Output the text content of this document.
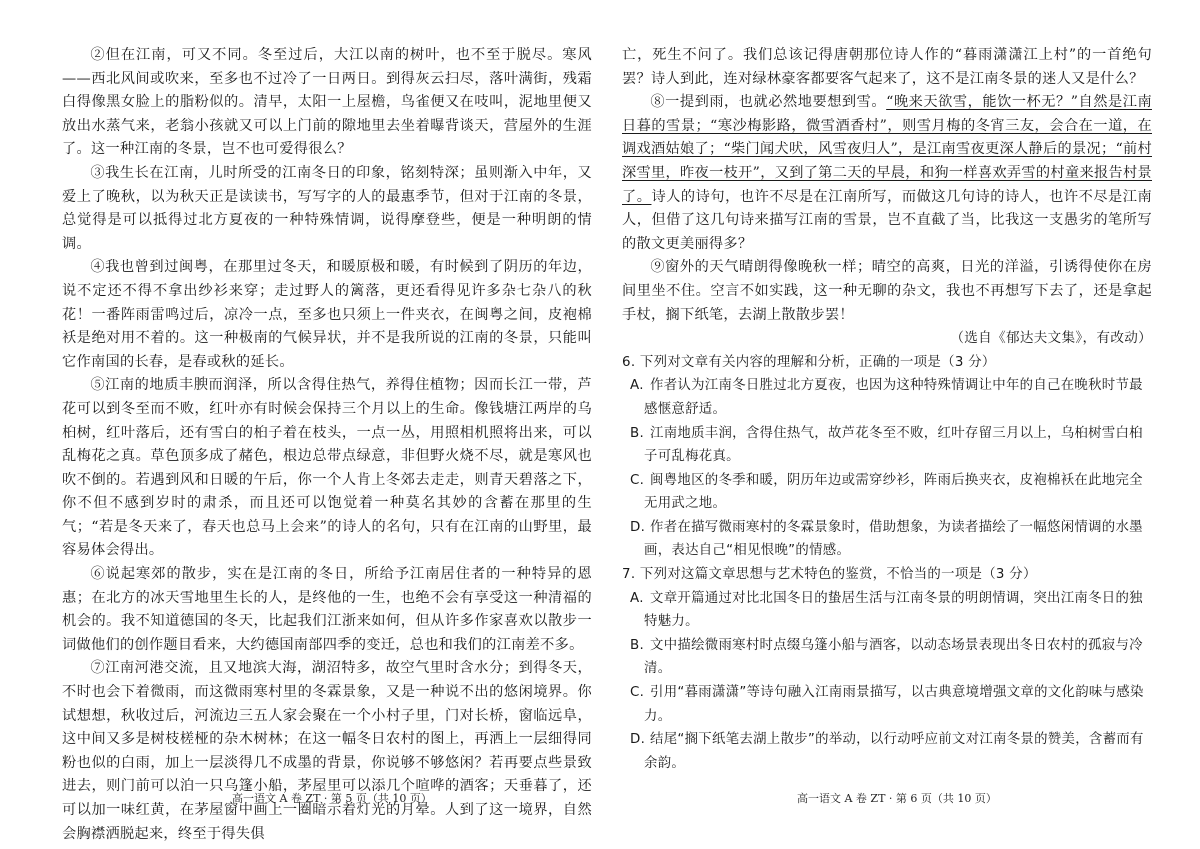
②但在江南，可又不同。冬至过后，大江以南的树叶，也不至于脱尽。寒风——西北风间或吹来，至多也不过冷了一日两日。到得灰云扫尽，落叶满街，残霜白得像黑女脸上的脂粉似的。清早，太阳一上屋檐，鸟雀便又在吱叫，泥地里便又放出水蒸气来，老翁小孩就又可以上门前的隙地里去坐着曝背谈天，营屋外的生涯了。这一种江南的冬景，岂不也可爱得很么？

③我生长在江南，儿时所受的江南冬日的印象，铭刻特深；虽则渐入中年，又爱上了晚秋，以为秋天正是读读书，写写字的人的最惠季节，但对于江南的冬景，总觉得是可以抵得过北方夏夜的一种特殊情调，说得摩登些，便是一种明朗的情调。

④我也曾到过闽粤，在那里过冬天，和暖原极和暖，有时候到了阴历的年边，说不定还不得不拿出纱衫来穿；走过野人的篱落，更还看得见许多杂七杂八的秋花！一番阵雨雷鸣过后，凉冷一点，至多也只须上一件夹衣，在闽粤之间，皮袍棉袄是绝对用不着的。这一种极南的气候异状，并不是我所说的江南的冬景，只能叫它作南国的长春，是春或秋的延长。

⑤江南的地质丰腴而润泽，所以含得住热气，养得住植物；因而长江一带，芦花可以到冬至而不败，红叶亦有时候会保持三个月以上的生命。像钱塘江两岸的乌桕树，红叶落后，还有雪白的桕子着在枝头，一点一丛，用照相机照将出来，可以乱梅花之真。草色顶多成了赭色，根边总带点绿意，非但野火烧不尽，就是寒风也吹不倒的。若遇到风和日暖的午后，你一个人肯上冬郊去走走，则青天碧落之下，你不但不感到岁时的肃杀，而且还可以饱觉着一种莫名其妙的含蓄在那里的生气；“若是冬天来了，春天也总马上会来”的诗人的名句，只有在江南的山野里，最容易体会得出。

⑥说起寒郊的散步，实在是江南的冬日，所给予江南居住者的一种特异的恩惠；在北方的冰天雪地里生长的人，是终他的一生，也绝不会有享受这一种清福的机会的。我不知道德国的冬天，比起我们江浙来如何，但从许多作家喜欢以散步一词做他们的创作题目看来，大约德国南部四季的变迁，总也和我们的江南差不多。

⑦江南河港交流，且又地滨大海，湖沼特多，故空气里时含水分；到得冬天，不时也会下着微雨，而这微雨寒村里的冬霖景象，又是一种说不出的悠闲境界。你试想想，秋收过后，河流边三五人家会聚在一个小村子里，门对长桥，窗临远阜，这中间又多是树枝槎桠的杂木树林；在这一幅冬日农村的图上，再洒上一层细得同粉也似的白雨，加上一层淡得几不成墨的背景，你说够不够悠闲？若再要点些景致进去，则门前可以泊一只乌篷小船，茅屋里可以添几个喧哗的酒客；天垂暮了，还可以加一味红黄，在茅屋窗中画上一圈暗示着灯光的月晕。人到了这一境界，自然会胸襟洒脱起来，终至于得失俱

高一语文 A 卷 ZT · 第 5 页（共 10 页）

亡，死生不问了。我们总该记得唐朝那位诗人作的“暮雨潇潇江上村”的一首绝句罢？诗人到此，连对绿林豪客都要客气起来了，这不是江南冬景的迷人又是什么？

⑧一提到雨，也就必然地要想到雪。“晚来天欲雪，能饮一杯无？”自然是江南日暮的雪景；“寒沙梅影路，微雪酒香村”，则雪月梅的冬宵三友，会合在一道，在调戏酒姑娘了；“柴门闻犬吠，风雪夜归人”，是江南雪夜更深人静后的景况；“前村深雪里，昨夜一枝开”，又到了第二天的早晨，和狗一样喜欢弄雪的村童来报告村景了。诗人的诗句，也许不尽是在江南所写，而做这几句诗的诗人，也许不尽是江南人，但借了这几句诗来描写江南的雪景，岂不直截了当，比我这一支愚劣的笔所写的散文更美丽得多？

⑨窗外的天气晴朗得像晚秋一样；晴空的高爽，日光的洋溢，引诱得使你在房间里坐不住。空言不如实践，这一种无聊的杂文，我也不再想写下去了，还是拿起手杖，搁下纸笔，去湖上散散步罢！

（选自《郁达夫文集》，有改动）

6. 下列对文章有关内容的理解和分析，正确的一项是（3 分）

A. 作者认为江南冬日胜过北方夏夜，也因为这种特殊情调让中年的自己在晚秋时节最感惬意舒适。

B. 江南地质丰润，含得住热气，故芦花冬至不败，红叶存留三月以上，乌桕树雪白桕子可乱梅花真。

C. 闽粤地区的冬季和暖，阴历年边或需穿纱衫，阵雨后换夹衣，皮袍棉袄在此地完全无用武之地。

D. 作者在描写微雨寒村的冬霖景象时，借助想象，为读者描绘了一幅悠闲情调的水墨画，表达自己“相见恨晚”的情感。

7. 下列对这篇文章思想与艺术特色的鉴赏，不恰当的一项是（3 分）

A. 文章开篇通过对比北国冬日的蛰居生活与江南冬景的明朗情调，突出江南冬日的独特魅力。

B. 文中描绘微雨寒村时点缀乌篷小船与酒客，以动态场景表现出冬日农村的孤寂与冷清。

C. 引用“暮雨潇潇”等诗句融入江南雨景描写，以古典意境增强文章的文化韵味与感染力。

D. 结尾“搁下纸笔去湖上散步”的举动，以行动呼应前文对江南冬景的赞美，含蓄而有余韵。

高一语文 A 卷 ZT · 第 6 页（共 10 页）
